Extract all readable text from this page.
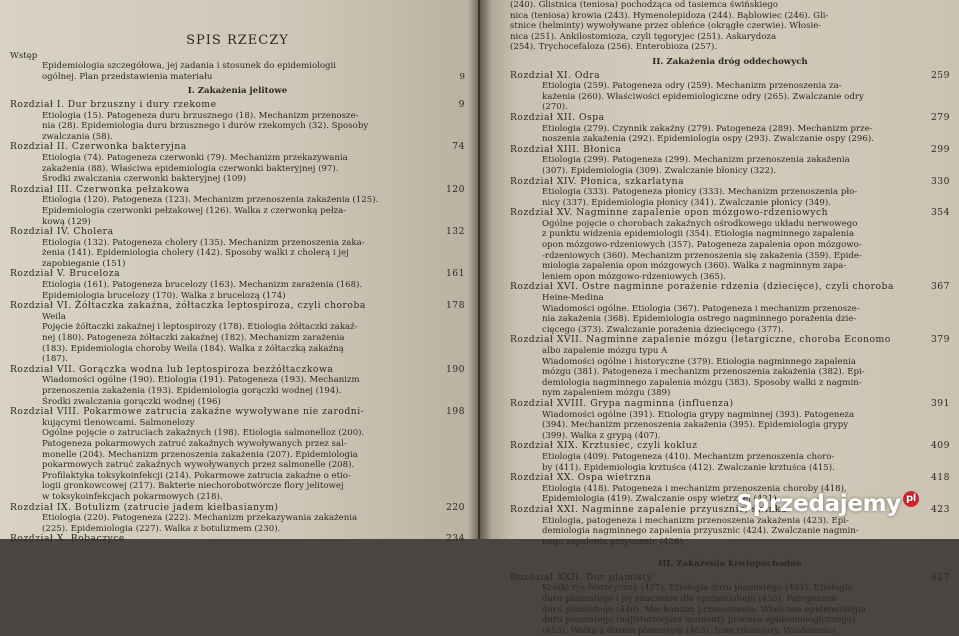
SPIS RZECZY
Wstęp
Epidemiologia szczegółowa, jej zadania i stosunek do epidemiologii
ogólnej. Plan przedstawienia materiału	9
I. Zakażenia jelitowe
Rozdział I. Dur brzuszny i dury rzekome	9
Etiologia (15). Patogeneza duru brzusznego (18). Mechanizm przenosze-
nia (28). Epidemiologia duru brzusznego i durów rzekomych (32). Sposoby
zwalczania (58).
Rozdział II. Czerwonka bakteryjna	74
Etiologia (74). Patogeneza czerwonki (79). Mechanizm przekazywania
zakażenia (88). Właściwa epidemiologia czerwonki bakteryjnej (97).
Środki zwalczania czerwonki bakteryjnej (109)
Rozdział III. Czerwonka pełzakowa	120
Etiologia (120). Patogeneza (123). Mechanizm przenoszenia zakażenia (125).
Epidemiologia czerwonki pełzakowej (126). Walka z czerwonką pełza-
kową (129)
Rozdział IV. Cholera	132
Etiologia (132). Patogeneza cholery (135). Mechanizm przenoszenia zaka-
żenia (141). Epidemiologia cholery (142). Sposoby walki z cholerą i jej
zapobieganie (151)
Rozdział V. Bruceloza	161
Etiologia (161). Patogeneza brucelozy (163). Mechanizm zarażenia (168).
Epidemiologia brucelozy (170). Walka z brucelozą (174)
Rozdział VI. Żółtaczka zakaźna, żółtaczka leptospiroza, czyli choroba	178
Weila
Pojęcie żółtaczki zakaźnej i leptospirozy (178). Etiologia żółtaczki zakaź-
nej (180). Patogeneza żółtaczki zakaźnej (182). Mechanizm zarażenia
(183). Epidemiologia choroby Weila (184). Walka z żółtaczką zakaźną
(187).
Rozdział VII. Gorączka wodna lub leptospiroza bezżółtaczkowa	190
Wiadomości ogólne (190). Etiologia (191). Patogeneza (193). Mechanizm
przenoszenia zakażenia (193). Epidemiologia gorączki wodnej (194).
Środki zwalczania gorączki wodnej (196)
Rozdział VIII. Pokarmowe zatrucia zakaźne wywoływane nie zarodni-	198
kującymi tlenowcami. Salmonelozy
Ogólne pojęcie o zatruciach zakaźnych (198). Etiologia salmonelloz (200).
Patogeneza pokarmowych zatruć zakaźnych wywoływanych przez sal-
monelle (204). Mechanizm przenoszenia zakażenia (207). Epidemiologia
pokarmowych zatruć zakaźnych wywoływanych przez salmonelle (208).
Profilaktyka toksykoinfekcji (214). Pokarmowe zatrucia zakaźne o etio-
logii gronkowcowej (217). Bakterie niechorobotwórcze flory jelitowej
w toksykoinfekcjach pokarmowych (218).
Rozdział IX. Botulizm (zatrucie jadem kiełbasianym)	220
Etiologia (220). Patogeneza (222). Mechanizm przekazywania zakażenia
(225). Epidemiologia (227). Walka z botulizmem (230).
Rozdział X. Robaczyce	234
(240). Glistnica (teniosa) pochodząca od tasiemca świńskiego
nica (teniosa) krowia (243). Hymenolepidoza (244). Bąblowiec (246). Gli-
stnice (helminty) wywoływane przez obleńce (okrągłe czerwie). Włosie-
nica (251). Ankilostomioza, czyli tęgoryjec (251). Askarydoza
(254). Trychocefaloza (256). Enterobioza (257).
II. Zakażenia dróg oddechowych
Rozdział XI. Odra	259
Etiologia (259). Patogeneza odry (259). Mechanizm przenoszenia za-
każenia (260). Właściwości epidemiologiczne odry (265). Zwalczanie odry
(270).
Rozdział XII. Ospa	279
Etiologia (279). Czynnik zakaźny (279). Patogeneza (289). Mechanizm prze-
noszenia zakażenia (292). Epidemiologia ospy (293). Zwalczanie ospy (296).
Rozdział XIII. Błonica	299
Etiologia (299). Patogeneza (299). Mechanizm przenoszenia zakażenia
(307). Epidemiologia (309). Zwalczanie błonicy (322).
Rozdział XIV. Płonica, szkarlatyna	330
Etiologia (333). Patogeneza płonicy (333). Mechanizm przenoszenia pło-
nicy (337). Epidemiologia płonicy (341). Zwalczanie płonicy (349).
Rozdział XV. Nagminne zapalenie opon mózgowo-rdzeniowych	354
Ogólne pojęcie o chorobach zakaźnych ośrodkowego układu nerwowego
z punktu widzenia epidemiologii (354). Etiologia nagminnego zapalenia
opon mózgowo-rdzeniowych (357). Patogeneza zapalenia opon mózgowo-
-rdzeniowych (360). Mechanizm przenoszenia się zakażenia (359). Epide-
miologia zapalenia opon mózgowych (360). Walka z nagminnym zapa-
leniem opon mózgowo-rdzeniowych (365).
Rozdział XVI. Ostre nagminne porażenie rdzenia (dziecięce), czyli choroba	367
Heine-Medina
Wiadomości ogólne. Etiologia (367). Patogeneza i mechanizm przenosze-
nia zakażenia (368). Epidemiologia ostrego nagminnego porażenia dzie-
cięcego (373). Zwalczanie porażenia dziecięcego (377).
Rozdział XVII. Nagminne zapalenie mózgu (letargiczne, choroba Economo	379
albo zapalenie mózgu typu A
Wiadomości ogólne i historyczne (379). Etiologia nagminnego zapalenia
mózgu (381). Patogeneza i mechanizm przenoszenia zakażenia (382). Epi-
demiologia nagminnego zapalenia mózgu (383). Sposoby walki z nagmin-
nym zapaleniem mózgu (389)
Rozdział XVIII. Grypa nagminna (influenza)	391
Wiadomości ogólne (391). Etiologia grypy nagminnej (393). Patogeneza
(394). Mechanizm przenoszenia zakażenia (395). Epidemiologia grypy
(399). Walka z grypą (407).
Rozdział XIX. Krztusiec, czyli kokluz	409
Etiologia (409). Patogeneza (410). Mechanizm przenoszenia choro-
by (411). Epidemiologia krztuśca (412). Zwalczanie krztuśca (415).
Rozdział XX. Ospa wietrzna	418
Etiologia (418). Patogeneza i mechanizm przenoszenia choroby (418).
Epidemiologia (419). Zwalczanie ospy wietrznej (421).
Rozdział XXI. Nagminne zapalenie przyusznic, świnka	423
Etiologia, patogeneza i mechanizm przenoszenia zakażenia (423). Epi-
demiologia nagminnego zapalenia przyusznic (424). Zwalczanie nagmin-
nego zapalenia przyusznic (426).
III. Zakażenia krwiopochodne
Rozdział XXII. Dur plamisty	427
Krótki rys historyczny (427). Etiologia duru plamistego (431). Etiologia
duru plamistego i jej znaczenie dla epidemiologii (435). Patogeneza
duru plamistego (440). Mechanizm przenoszenia. Właściwa epidemiologia
duru plamistego (najistotniejsze momenty procesu epidemiologicznego)
(453). Walka z durem plamistym (463). Inne riketsjozy. Wiadomości
Sprzedajemy pl
